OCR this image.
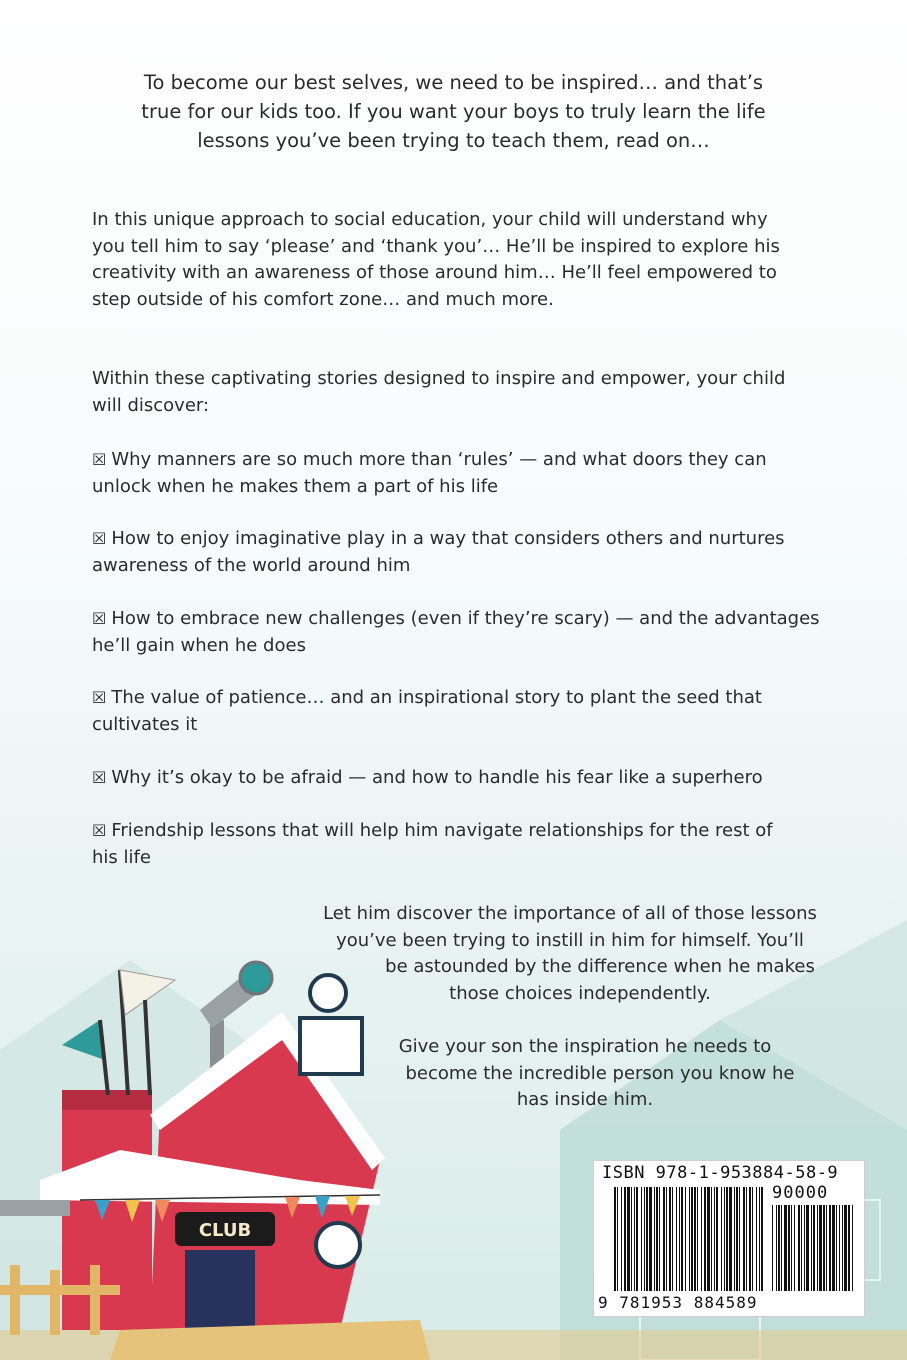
To become our best selves, we need to be inspired… and that’s
true for our kids too. If you want your boys to truly learn the life
lessons you’ve been trying to teach them, read on…
In this unique approach to social education, your child will understand why
you tell him to say ‘please’ and ‘thank you’… He’ll be inspired to explore his
creativity with an awareness of those around him… He’ll feel empowered to
step outside of his comfort zone… and much more.
Within these captivating stories designed to inspire and empower, your child
will discover:
☒ Why manners are so much more than ‘rules’ — and what doors they can
unlock when he makes them a part of his life
☒ How to enjoy imaginative play in a way that considers others and nurtures
awareness of the world around him
☒ How to embrace new challenges (even if they’re scary) — and the advantages
he’ll gain when he does
☒ The value of patience… and an inspirational story to plant the seed that
cultivates it
☒ Why it’s okay to be afraid — and how to handle his fear like a superhero
☒ Friendship lessons that will help him navigate relationships for the rest of
his life
CLUB
Let him discover the importance of all of those lessons
you’ve been trying to instill in him for himself. You’ll
be astounded by the difference when he makes
those choices independently.
Give your son the inspiration he needs to
become the incredible person you know he
has inside him.
ISBN 978-1-953884-58-9
90000
9 781953 884589
